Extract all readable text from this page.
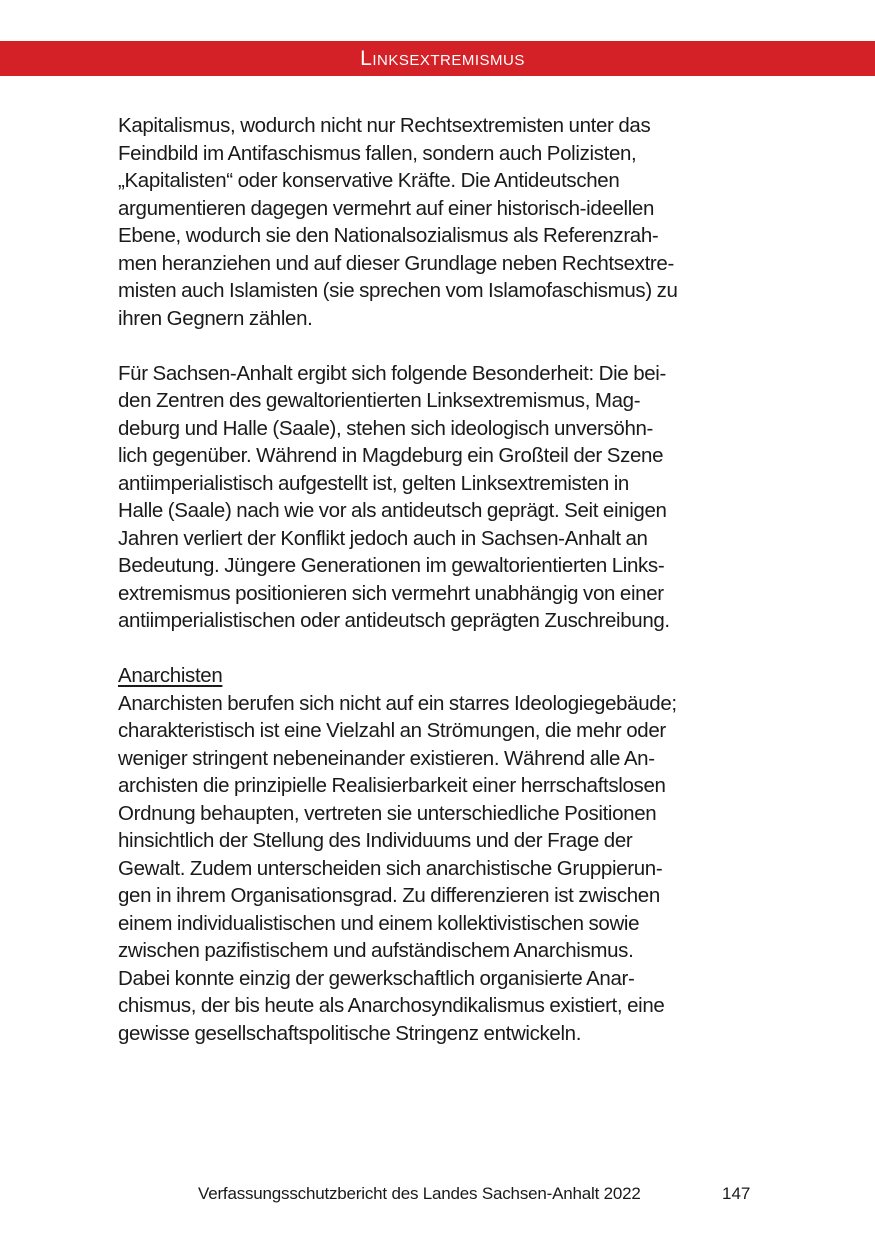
Linksextremismus

Kapitalismus, wodurch nicht nur Rechtsextremisten unter das
Feindbild im Antifaschismus fallen, sondern auch Polizisten,
„Kapitalisten“ oder konservative Kräfte. Die Antideutschen
argumentieren dagegen vermehrt auf einer historisch-ideellen
Ebene, wodurch sie den Nationalsozialismus als Referenzrah-
men heranziehen und auf dieser Grundlage neben Rechtsextre-
misten auch Islamisten (sie sprechen vom Islamofaschismus) zu
ihren Gegnern zählen.

Für Sachsen-Anhalt ergibt sich folgende Besonderheit: Die bei-
den Zentren des gewaltorientierten Linksextremismus, Mag-
deburg und Halle (Saale), stehen sich ideologisch unversöhn-
lich gegenüber. Während in Magdeburg ein Großteil der Szene
antiimperialistisch aufgestellt ist, gelten Linksextremisten in
Halle (Saale) nach wie vor als antideutsch geprägt. Seit einigen
Jahren verliert der Konflikt jedoch auch in Sachsen-Anhalt an
Bedeutung. Jüngere Generationen im gewaltorientierten Links-
extremismus positionieren sich vermehrt unabhängig von einer
antiimperialistischen oder antideutsch geprägten Zuschreibung.

Anarchisten

Anarchisten berufen sich nicht auf ein starres Ideologiegebäude;
charakteristisch ist eine Vielzahl an Strömungen, die mehr oder
weniger stringent nebeneinander existieren. Während alle An-
archisten die prinzipielle Realisierbarkeit einer herrschaftslosen
Ordnung behaupten, vertreten sie unterschiedliche Positionen
hinsichtlich der Stellung des Individuums und der Frage der
Gewalt. Zudem unterscheiden sich anarchistische Gruppierun-
gen in ihrem Organisationsgrad. Zu differenzieren ist zwischen
einem individualistischen und einem kollektivistischen sowie
zwischen pazifistischem und aufständischem Anarchismus.
Dabei konnte einzig der gewerkschaftlich organisierte Anar-
chismus, der bis heute als Anarchosyndikalismus existiert, eine
gewisse gesellschaftspolitische Stringenz entwickeln.

Verfassungsschutzbericht des Landes Sachsen-Anhalt 2022	147
